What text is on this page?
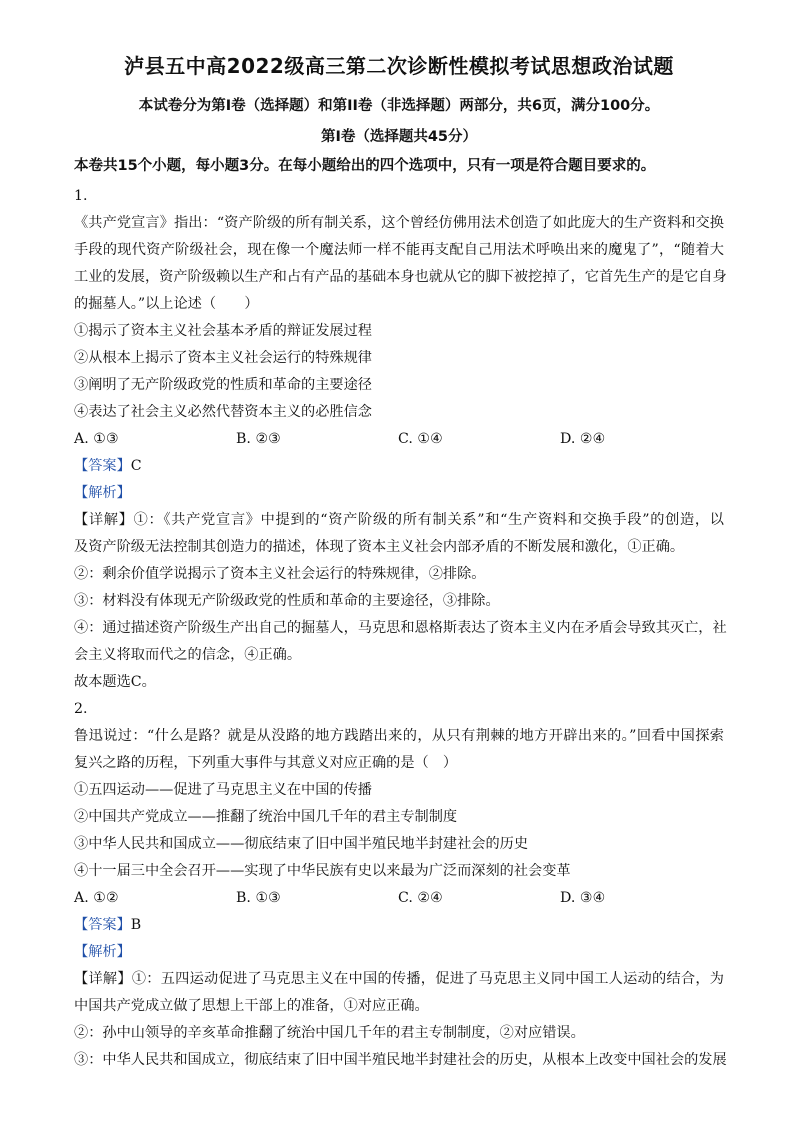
泸县五中高2022级高三第二次诊断性模拟考试思想政治试题
本试卷分为第I卷（选择题）和第II卷（非选择题）两部分，共6页，满分100分。
第I卷（选择题共45分）
本卷共15个小题，每小题3分。在每小题给出的四个选项中，只有一项是符合题目要求的。
1.
《共产党宣言》指出：“资产阶级的所有制关系，这个曾经仿佛用法术创造了如此庞大的生产资料和交换
手段的现代资产阶级社会，现在像一个魔法师一样不能再支配自己用法术呼唤出来的魔鬼了”，“随着大
工业的发展，资产阶级赖以生产和占有产品的基础本身也就从它的脚下被挖掉了，它首先生产的是它自身
的掘墓人。”以上论述（　　）
①揭示了资本主义社会基本矛盾的辩证发展过程
②从根本上揭示了资本主义社会运行的特殊规律
③阐明了无产阶级政党的性质和革命的主要途径
④表达了社会主义必然代替资本主义的必胜信念
A. ①③	B. ②③	C. ①④	D. ②④
【答案】C
【解析】
【详解】①：《共产党宣言》中提到的“资产阶级的所有制关系”和“生产资料和交换手段”的创造，以
及资产阶级无法控制其创造力的描述，体现了资本主义社会内部矛盾的不断发展和激化，①正确。
②：剩余价值学说揭示了资本主义社会运行的特殊规律，②排除。
③：材料没有体现无产阶级政党的性质和革命的主要途径，③排除。
④：通过描述资产阶级生产出自己的掘墓人，马克思和恩格斯表达了资本主义内在矛盾会导致其灭亡，社
会主义将取而代之的信念，④正确。
故本题选C。
2.
鲁迅说过：“什么是路？就是从没路的地方践踏出来的，从只有荆棘的地方开辟出来的。”回看中国探索
复兴之路的历程，下列重大事件与其意义对应正确的是（　）
①五四运动——促进了马克思主义在中国的传播
②中国共产党成立——推翻了统治中国几千年的君主专制制度
③中华人民共和国成立——彻底结束了旧中国半殖民地半封建社会的历史
④十一届三中全会召开——实现了中华民族有史以来最为广泛而深刻的社会变革
A. ①②	B. ①③	C. ②④	D. ③④
【答案】B
【解析】
【详解】①：五四运动促进了马克思主义在中国的传播，促进了马克思主义同中国工人运动的结合，为
中国共产党成立做了思想上干部上的准备，①对应正确。
②：孙中山领导的辛亥革命推翻了统治中国几千年的君主专制制度，②对应错误。
③：中华人民共和国成立，彻底结束了旧中国半殖民地半封建社会的历史，从根本上改变中国社会的发展
